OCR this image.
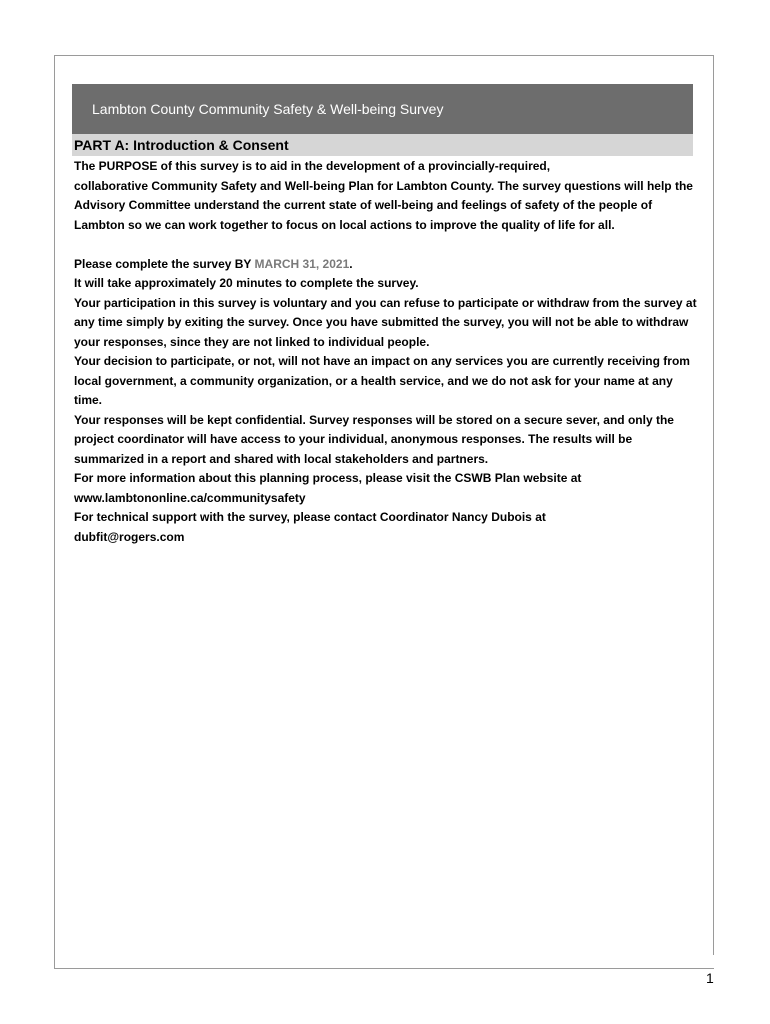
Lambton County Community Safety & Well-being Survey
PART A: Introduction & Consent

The PURPOSE of this survey is to aid in the development of a provincially-required,

collaborative Community Safety and Well-being Plan for Lambton County. The survey questions will help the Advisory Committee understand the current state of well-being and feelings of safety of the people of Lambton so we can work together to focus on local actions to improve the quality of life for all.

Please complete the survey BY MARCH 31, 2021.

It will take approximately 20 minutes to complete the survey.

Your participation in this survey is voluntary and you can refuse to participate or withdraw from the survey at any time simply by exiting the survey. Once you have submitted the survey, you will not be able to withdraw your responses, since they are not linked to individual people.

Your decision to participate, or not, will not have an impact on any services you are currently receiving from local government, a community organization, or a health service, and we do not ask for your name at any time.

Your responses will be kept confidential. Survey responses will be stored on a secure sever, and only the project coordinator will have access to your individual, anonymous responses. The results will be summarized in a report and shared with local stakeholders and partners.

For more information about this planning process, please visit the CSWB Plan website at

www.lambtononline.ca/communitysafety

For technical support with the survey, please contact Coordinator Nancy Dubois at

dubfit@rogers.com

1
